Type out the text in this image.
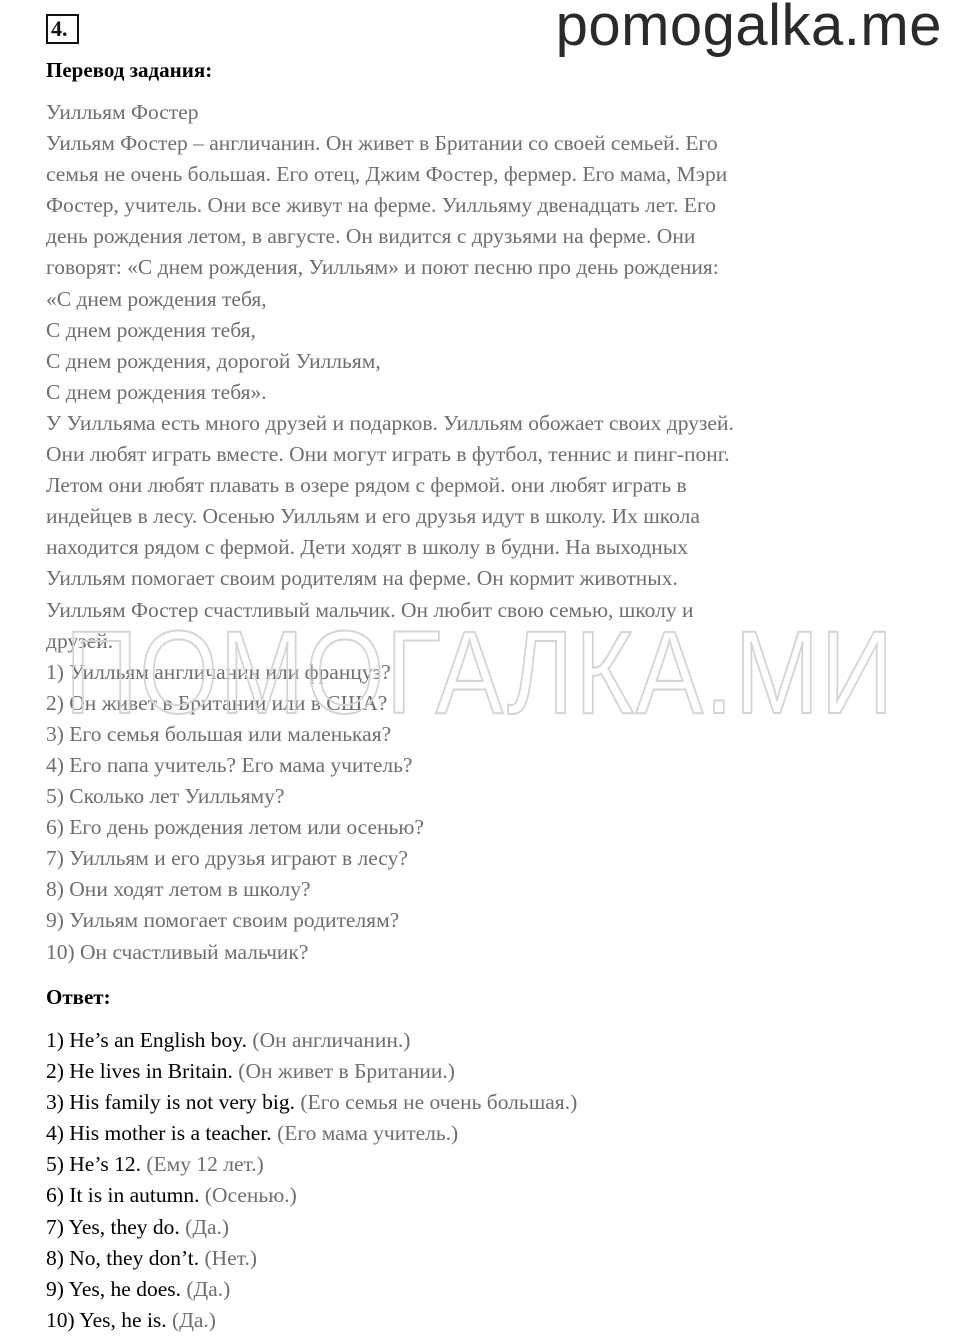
4.	pomogalka.me
Перевод задания:
Уилльям Фостер
Уильям Фостер – англичанин. Он живет в Британии со своей семьей. Его
семья не очень большая. Его отец, Джим Фостер, фермер. Его мама, Мэри
Фостер, учитель. Они все живут на ферме. Уилльяму двенадцать лет. Его
день рождения летом, в августе. Он видится с друзьями на ферме. Они
говорят: «С днем рождения, Уилльям» и поют песню про день рождения:
«С днем рождения тебя,
С днем рождения тебя,
С днем рождения, дорогой Уилльям,
С днем рождения тебя».
У Уилльяма есть много друзей и подарков. Уилльям обожает своих друзей.
Они любят играть вместе. Они могут играть в футбол, теннис и пинг-понг.
Летом они любят плавать в озере рядом с фермой. они любят играть в
индейцев в лесу. Осенью Уилльям и его друзья идут в школу. Их школа
находится рядом с фермой. Дети ходят в школу в будни. На выходных
Уилльям помогает своим родителям на ферме. Он кормит животных.
Уилльям Фостер счастливый мальчик. Он любит свою семью, школу и
друзей.
1) Уилльям англичанин или француз?
2) Он живет в Британии или в США?
3) Его семья большая или маленькая?
4) Его папа учитель? Его мама учитель?
5) Сколько лет Уилльяму?
6) Его день рождения летом или осенью?
7) Уилльям и его друзья играют в лесу?
8) Они ходят летом в школу?
9) Уильям помогает своим родителям?
10) Он счастливый мальчик?
ПОМОГАЛКА.МИ
Ответ:
1) He’s an English boy. (Он англичанин.)
2) He lives in Britain. (Он живет в Британии.)
3) His family is not very big. (Его семья не очень большая.)
4) His mother is a teacher. (Его мама учитель.)
5) He’s 12. (Ему 12 лет.)
6) It is in autumn. (Осенью.)
7) Yes, they do. (Да.)
8) No, they don’t. (Нет.)
9) Yes, he does. (Да.)
10) Yes, he is. (Да.)
